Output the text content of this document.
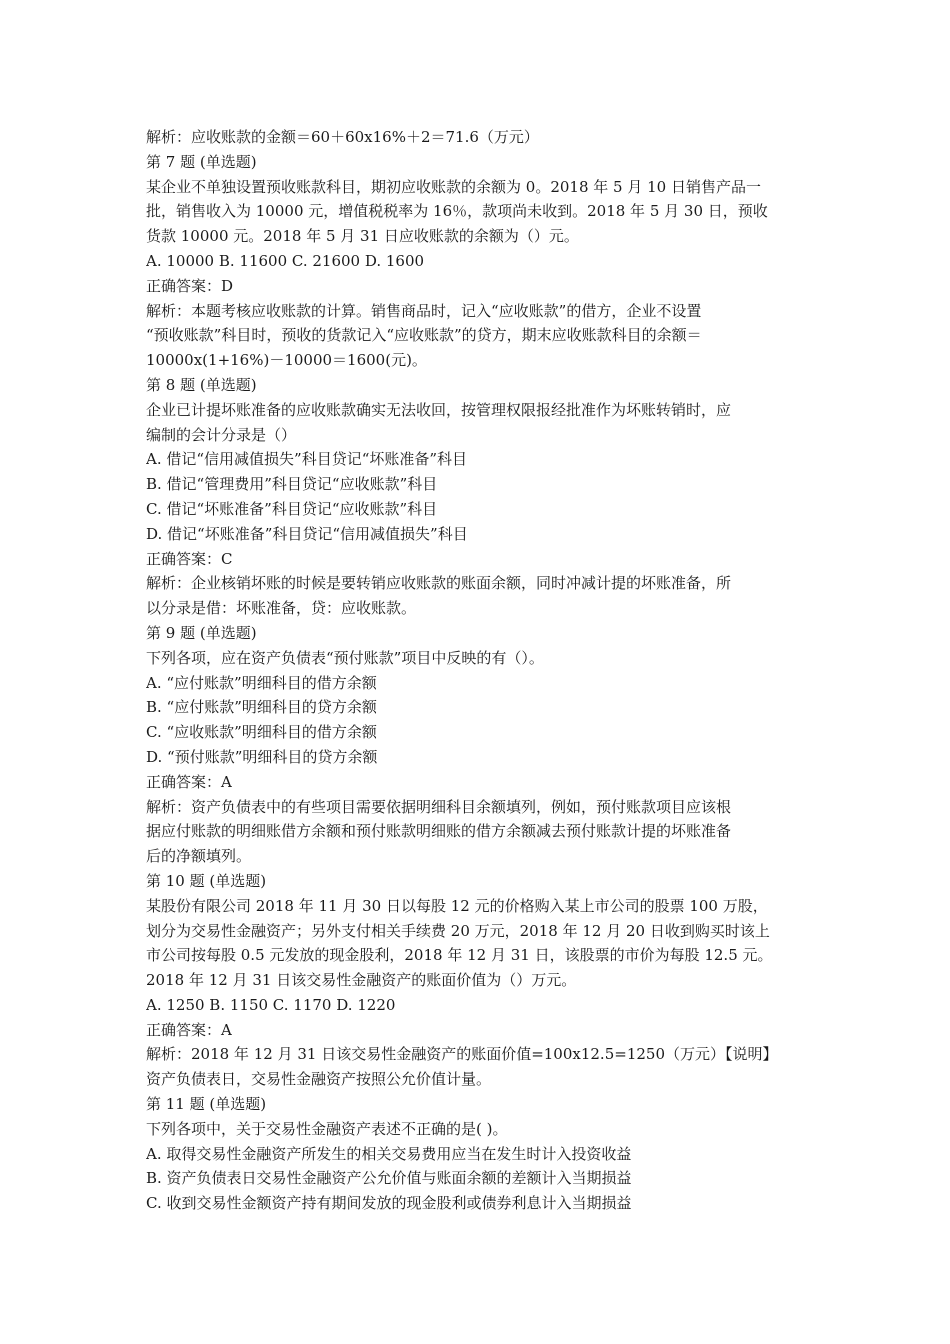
解析：应收账款的金额＝60＋60x16%＋2＝71.6（万元）
第 7 题 (单选题)
某企业不单独设置预收账款科目，期初应收账款的余额为 0。2018 年 5 月 10 日销售产品一
批，销售收入为 10000 元，增值税税率为 16％，款项尚未收到。2018 年 5 月 30 日，预收
货款 10000 元。2018 年 5 月 31 日应收账款的余额为（）元。
A. 10000 B. 11600 C. 21600 D. 1600
正确答案：D
解析：本题考核应收账款的计算。销售商品时，记入“应收账款”的借方，企业不设置
“预收账款”科目时，预收的货款记入“应收账款”的贷方，期末应收账款科目的余额＝
10000x(1+16%)－10000＝1600(元)。
第 8 题 (单选题)
企业已计提坏账准备的应收账款确实无法收回，按管理权限报经批准作为坏账转销时，应
编制的会计分录是（）
A. 借记“信用减值损失”科目贷记“坏账准备”科目
B. 借记“管理费用”科目贷记“应收账款”科目
C. 借记“坏账准备”科目贷记“应收账款”科目
D. 借记“坏账准备”科目贷记“信用减值损失”科目
正确答案：C
解析：企业核销坏账的时候是要转销应收账款的账面余额，同时冲减计提的坏账准备，所
以分录是借：坏账准备，贷：应收账款。
第 9 题 (单选题)
下列各项，应在资产负债表“预付账款”项目中反映的有（）。
A. “应付账款”明细科目的借方余额
B. “应付账款”明细科目的贷方余额
C. “应收账款”明细科目的借方余额
D. “预付账款”明细科目的贷方余额
正确答案：A
解析：资产负债表中的有些项目需要依据明细科目余额填列，例如，预付账款项目应该根
据应付账款的明细账借方余额和预付账款明细账的借方余额减去预付账款计提的坏账准备
后的净额填列。
第 10 题 (单选题)
某股份有限公司 2018 年 11 月 30 日以每股 12 元的价格购入某上市公司的股票 100 万股，
划分为交易性金融资产；另外支付相关手续费 20 万元，2018 年 12 月 20 日收到购买时该上
市公司按每股 0.5 元发放的现金股利，2018 年 12 月 31 日，该股票的市价为每股 12.5 元。
2018 年 12 月 31 日该交易性金融资产的账面价值为（）万元。
A. 1250 B. 1150 C. 1170 D. 1220
正确答案：A
解析：2018 年 12 月 31 日该交易性金融资产的账面价值=100x12.5=1250（万元）【说明】
资产负债表日，交易性金融资产按照公允价值计量。
第 11 题 (单选题)
下列各项中，关于交易性金融资产表述不正确的是( )。
A. 取得交易性金融资产所发生的相关交易费用应当在发生时计入投资收益
B. 资产负债表日交易性金融资产公允价值与账面余额的差额计入当期损益
C. 收到交易性金额资产持有期间发放的现金股利或债券利息计入当期损益
